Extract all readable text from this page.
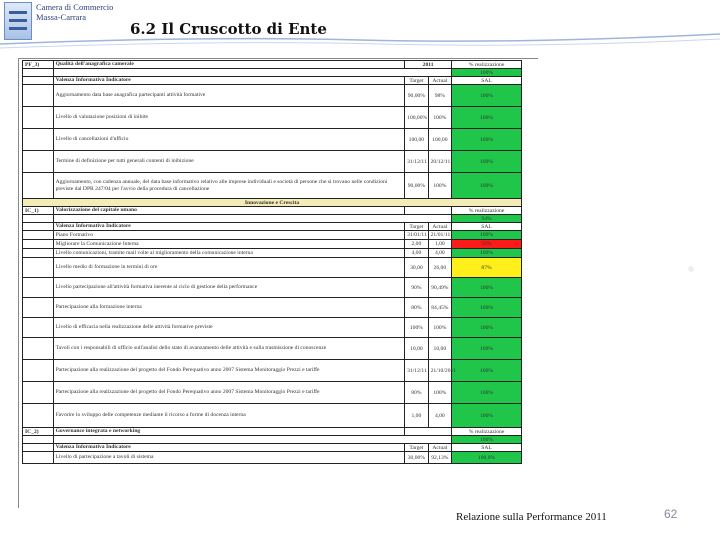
Camera di Commercio
Massa-Carrara
6.2 Il Cruscotto di Ente
PF_3)	Qualità dell'anagrafica camerale	2011		% realizzazione
				100%
	Valenza Informativa Indicatore	Target	Actual	SAL
	Aggiornamento data base anagrafica partecipanti attività formative	90,00%	98%	100%
	Livello di valutazione posizioni di inibite	100,00%	100%	100%
	Livello di cancellazioni d'ufficio	100,00	100,00	100%
	Termine di definizione per tutti generali contenti di inibizione	31/12/11	20/12/11	100%
	Aggiornamento, con cadenza annuale, del data base informativo relativo alle imprese individuali e società di persone che si trovano nelle condizioni previste dal DPR 247/04 per l'avvio della procedura di cancellazione	90,00%	100%	100%
Innovazione e Crescita				
IC_1)	Valorizzazione del capitale umano			% realizzazione
				94%
	Valenza Informativa Indicatore	Target	Actual	SAL
	Piano Formativo	31/01/11	21/01/11	100%
	Migliorare la Comunicazione Interna	2,00	1,00	50%
	Livello comunicazioni, tramite mail volte al miglioramento della comunicazione interna	4,00	4,00	100%
	Livello medio di formazione in termini di ore	30,00	26,00	87%
	Livello partecipazione all'attività formativa inerente al ciclo di gestione della performance	90%	90,49%	100%
	Partecipazione alla formazione interna	80%	84,45%	100%
	Livello di efficacia nella realizzazione delle attività formative previste	100%	100%	100%
	Tavoli con i responsabili di ufficio sull'analisi dello stato di avanzamento delle attività e sulla trasmissione di conoscenze	10,00	10,00	100%
	Partecipazione alla realizzazione del progetto del Fondo Perequativo anno 2007 Sistema Monitoraggio Prezzi e tariffe	31/12/11	21/10/2011	100%
	Partecipazione alla realizzazione del progetto del Fondo Perequativo anno 2007 Sistema Monitoraggio Prezzi e tariffe	80%	100%	100%
	Favorire lo sviluppo delle competenze mediante il ricorso a forme di docenza interna	1,00	4,00	100%
IC_2)	Governance integrata e networking			% realizzazione
				100%
	Valenza Informativa Indicatore	Target	Actual	SAL
	Livello di partecipazione a tavoli di sistema	30,00%	92,13%	100,0%
Relazione sulla Performance 2011	62
